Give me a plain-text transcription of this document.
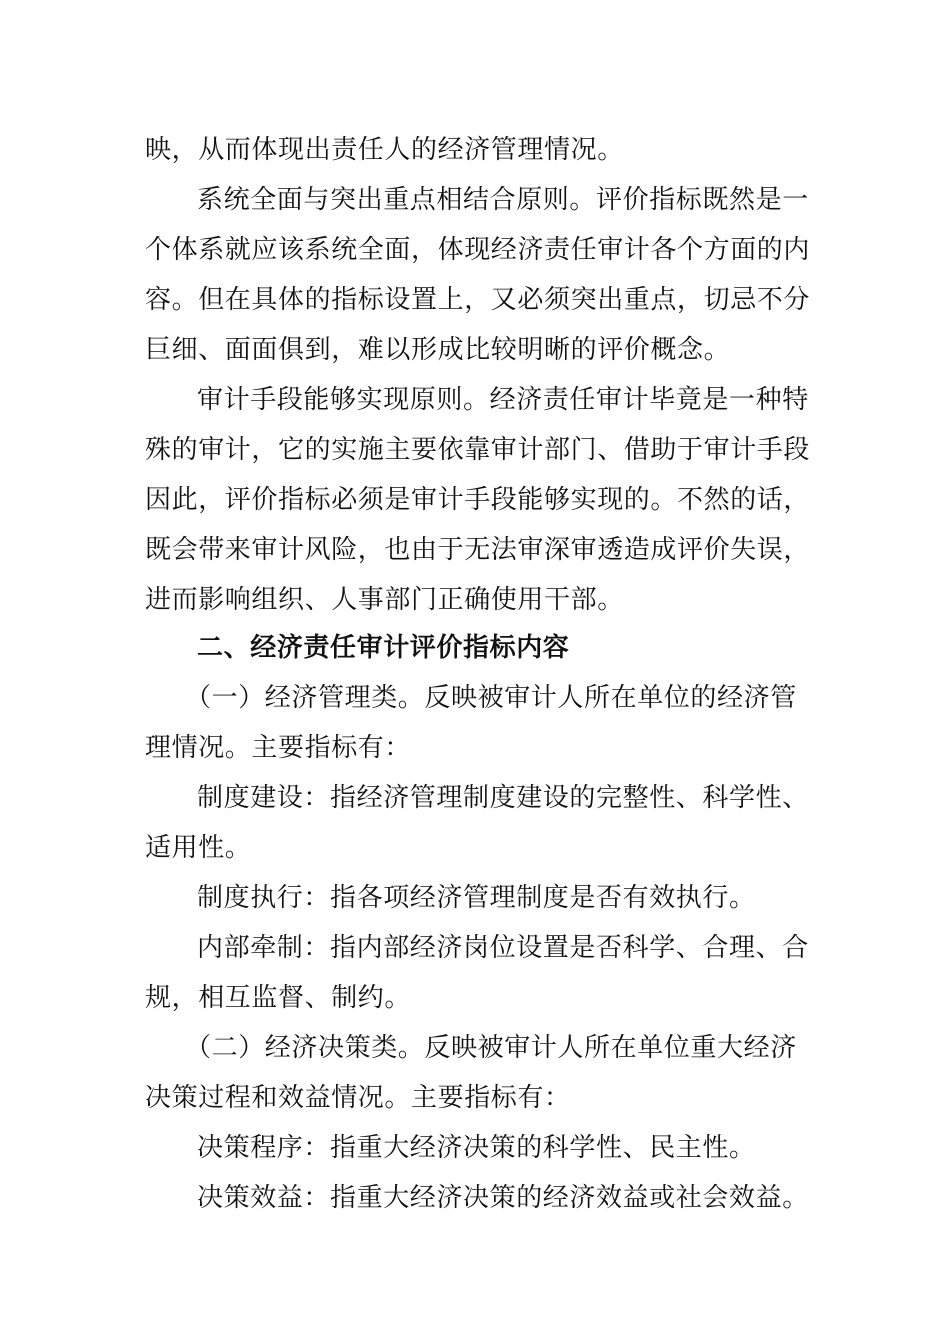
映，从而体现出责任人的经济管理情况。
系统全面与突出重点相结合原则。评价指标既然是一
个体系就应该系统全面，体现经济责任审计各个方面的内
容。但在具体的指标设置上，又必须突出重点，切忌不分
巨细、面面俱到，难以形成比较明晰的评价概念。
审计手段能够实现原则。经济责任审计毕竟是一种特
殊的审计，它的实施主要依靠审计部门、借助于审计手段
因此，评价指标必须是审计手段能够实现的。不然的话，
既会带来审计风险，也由于无法审深审透造成评价失误，
进而影响组织、人事部门正确使用干部。
二、经济责任审计评价指标内容
（一）经济管理类。反映被审计人所在单位的经济管
理情况。主要指标有：
制度建设：指经济管理制度建设的完整性、科学性、
适用性。
制度执行：指各项经济管理制度是否有效执行。
内部牵制：指内部经济岗位设置是否科学、合理、合
规，相互监督、制约。
（二）经济决策类。反映被审计人所在单位重大经济
决策过程和效益情况。主要指标有：
决策程序：指重大经济决策的科学性、民主性。
决策效益：指重大经济决策的经济效益或社会效益。
